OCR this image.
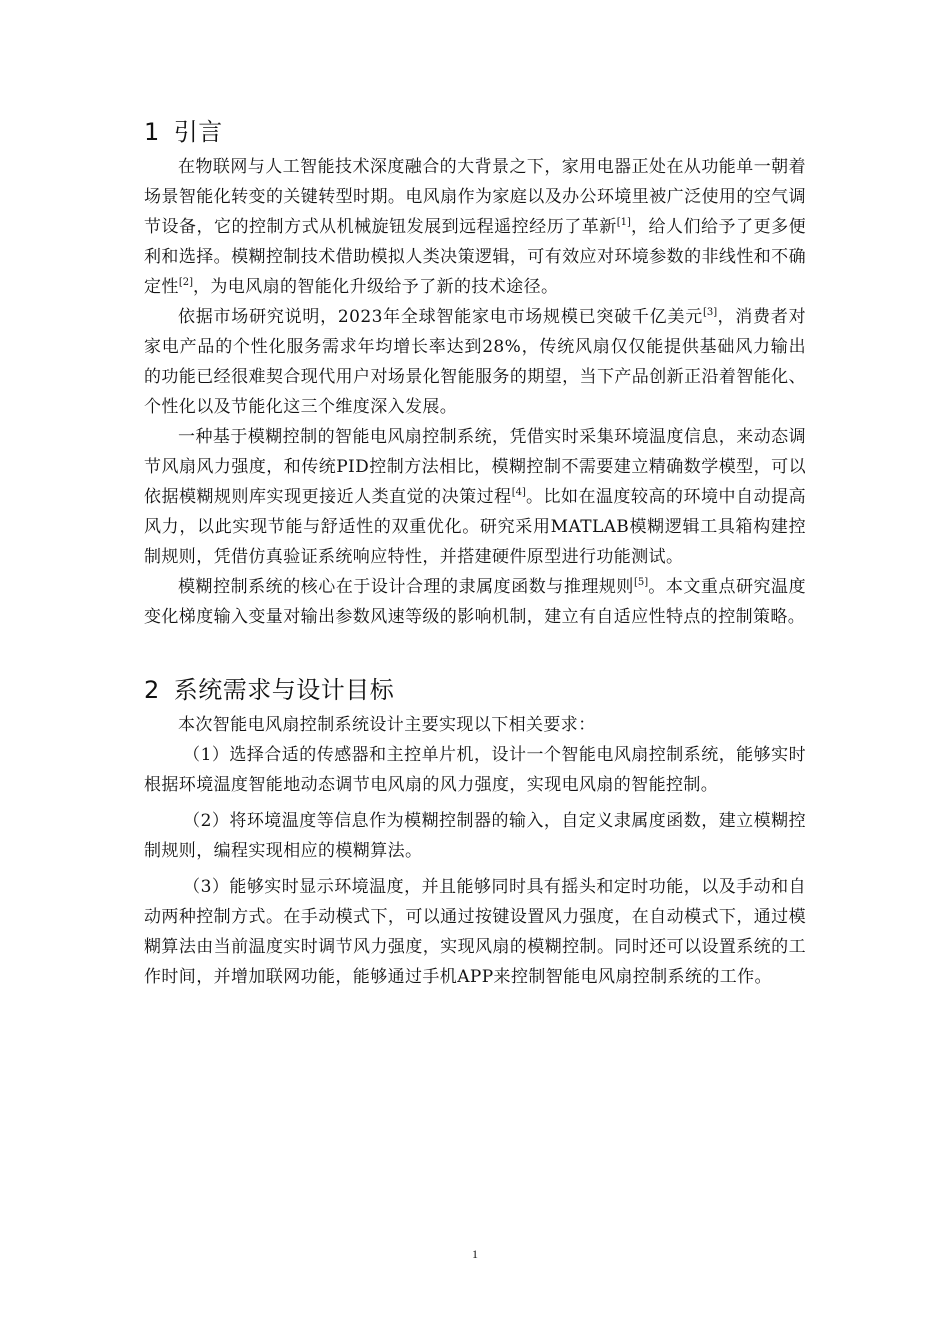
1 引言

在物联网与人工智能技术深度融合的大背景之下，家用电器正处在从功能单一朝着场景智能化转变的关键转型时期。电风扇作为家庭以及办公环境里被广泛使用的空气调节设备，它的控制方式从机械旋钮发展到远程遥控经历了革新[1]，给人们给予了更多便利和选择。模糊控制技术借助模拟人类决策逻辑，可有效应对环境参数的非线性和不确定性[2]，为电风扇的智能化升级给予了新的技术途径。

依据市场研究说明，2023年全球智能家电市场规模已突破千亿美元[3]，消费者对家电产品的个性化服务需求年均增长率达到28%，传统风扇仅仅能提供基础风力输出的功能已经很难契合现代用户对场景化智能服务的期望，当下产品创新正沿着智能化、个性化以及节能化这三个维度深入发展。

一种基于模糊控制的智能电风扇控制系统，凭借实时采集环境温度信息，来动态调节风扇风力强度，和传统PID控制方法相比，模糊控制不需要建立精确数学模型，可以依据模糊规则库实现更接近人类直觉的决策过程[4]。比如在温度较高的环境中自动提高风力，以此实现节能与舒适性的双重优化。研究采用MATLAB模糊逻辑工具箱构建控制规则，凭借仿真验证系统响应特性，并搭建硬件原型进行功能测试。

模糊控制系统的核心在于设计合理的隶属度函数与推理规则[5]。本文重点研究温度变化梯度输入变量对输出参数风速等级的影响机制，建立有自适应性特点的控制策略。

2 系统需求与设计目标

本次智能电风扇控制系统设计主要实现以下相关要求：

（1）选择合适的传感器和主控单片机，设计一个智能电风扇控制系统，能够实时根据环境温度智能地动态调节电风扇的风力强度，实现电风扇的智能控制。

（2）将环境温度等信息作为模糊控制器的输入，自定义隶属度函数，建立模糊控制规则，编程实现相应的模糊算法。

（3）能够实时显示环境温度，并且能够同时具有摇头和定时功能，以及手动和自动两种控制方式。在手动模式下，可以通过按键设置风力强度，在自动模式下，通过模糊算法由当前温度实时调节风力强度，实现风扇的模糊控制。同时还可以设置系统的工作时间，并增加联网功能，能够通过手机APP来控制智能电风扇控制系统的工作。

1
